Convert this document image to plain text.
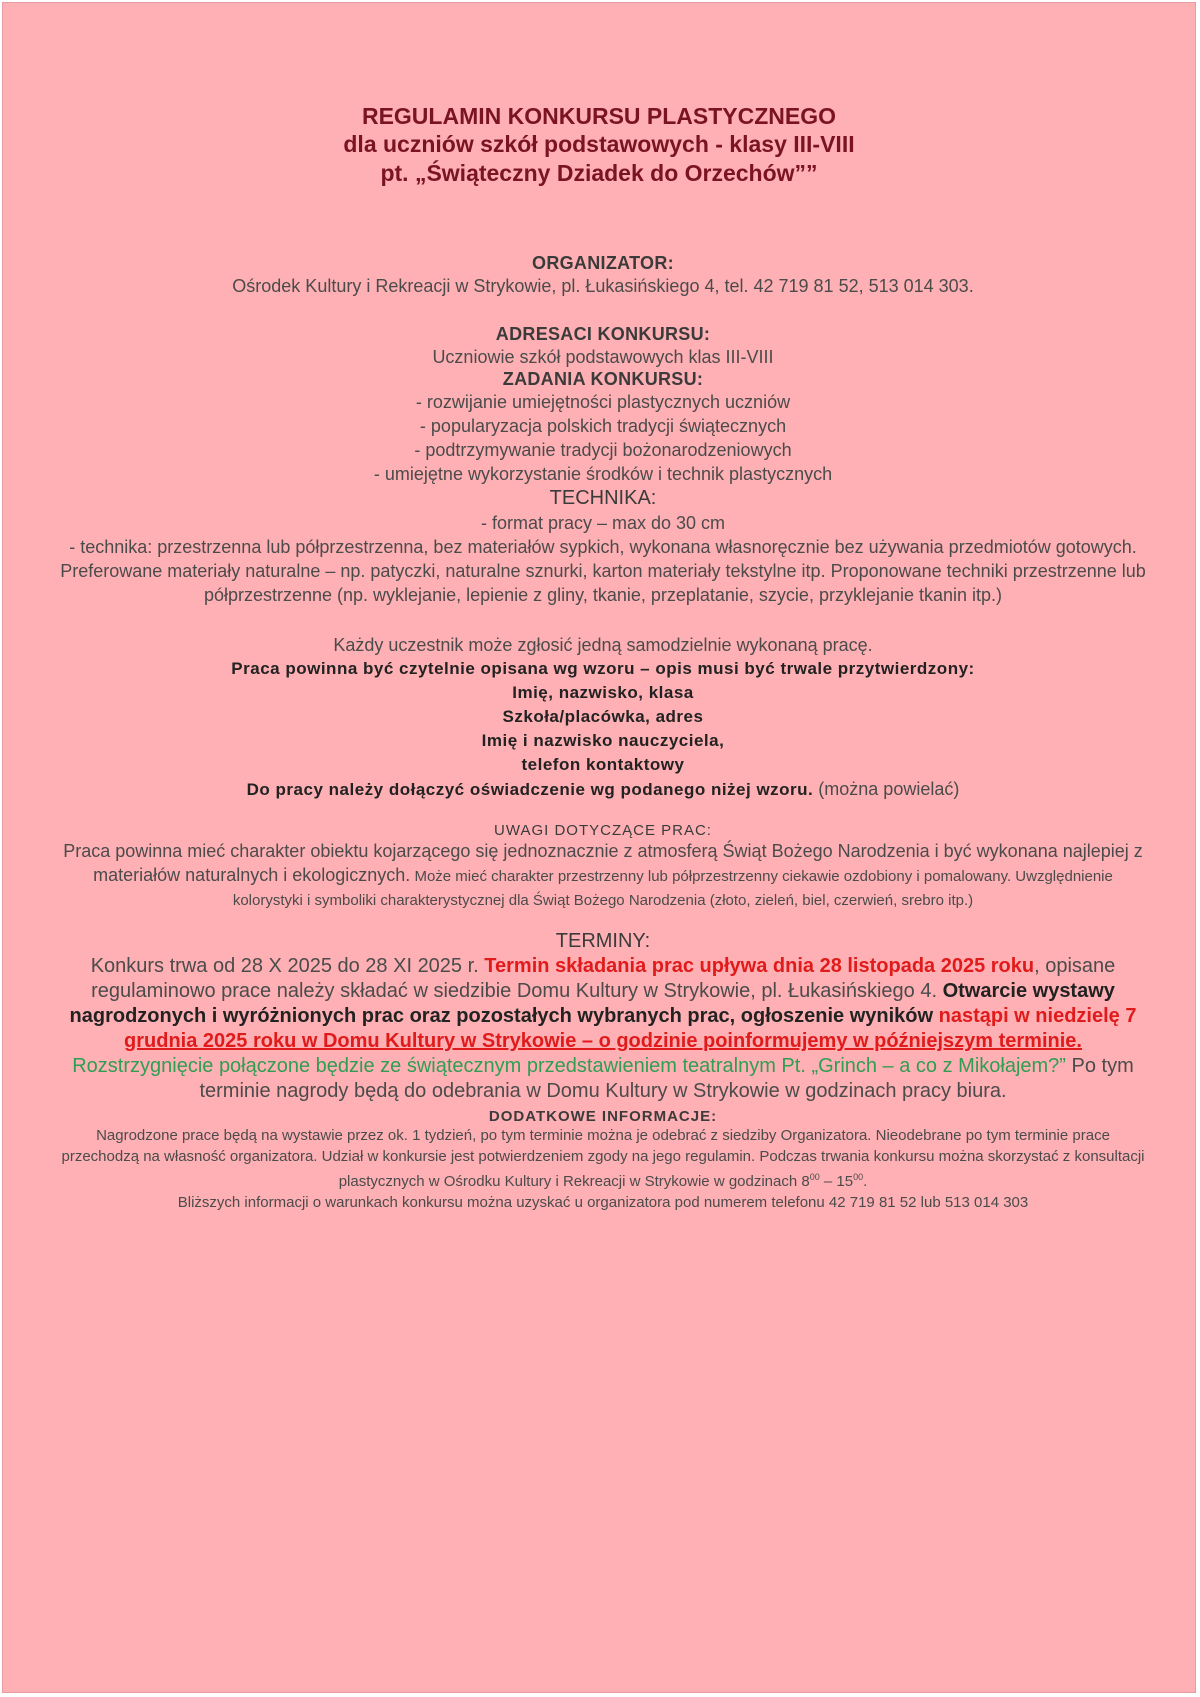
REGULAMIN KONKURSU PLASTYCZNEGO
dla uczniów szkół podstawowych - klasy III-VIII
pt. „Świąteczny Dziadek do Orzechów””
ORGANIZATOR:
Ośrodek Kultury i Rekreacji w Strykowie, pl. Łukasińskiego 4, tel. 42 719 81 52, 513 014 303.
ADRESACI KONKURSU:
Uczniowie szkół podstawowych klas III-VIII
ZADANIA KONKURSU:
- rozwijanie umiejętności plastycznych uczniów
- popularyzacja polskich tradycji świątecznych
- podtrzymywanie tradycji bożonarodzeniowych
- umiejętne wykorzystanie środków i technik plastycznych
TECHNIKA:
- format pracy – max do 30 cm
- technika: przestrzenna lub półprzestrzenna, bez materiałów sypkich, wykonana własnoręcznie bez używania przedmiotów gotowych. Preferowane materiały naturalne – np. patyczki, naturalne sznurki, karton materiały tekstylne itp. Proponowane techniki przestrzenne lub półprzestrzenne (np. wyklejanie, lepienie z gliny, tkanie, przeplatanie, szycie, przyklejanie tkanin itp.)
Każdy uczestnik może zgłosić jedną samodzielnie wykonaną pracę.
Praca powinna być czytelnie opisana wg wzoru – opis musi być trwale przytwierdzony:
Imię, nazwisko, klasa
Szkoła/placówka, adres
Imię i nazwisko nauczyciela,
telefon kontaktowy
Do pracy należy dołączyć oświadczenie wg podanego niżej wzoru. (można powielać)
UWAGI DOTYCZĄCE PRAC:
Praca powinna mieć charakter obiektu kojarzącego się jednoznacznie z atmosferą Świąt Bożego Narodzenia i być wykonana najlepiej z materiałów naturalnych i ekologicznych. Może mieć charakter przestrzenny lub półprzestrzenny ciekawie ozdobiony i pomalowany. Uwzględnienie kolorystyki i symboliki charakterystycznej dla Świąt Bożego Narodzenia (złoto, zieleń, biel, czerwień, srebro itp.)
TERMINY:
Konkurs trwa od 28 X 2025 do 28 XI 2025 r. Termin składania prac upływa dnia 28 listopada 2025 roku, opisane regulaminowo prace należy składać w siedzibie Domu Kultury w Strykowie, pl. Łukasińskiego 4. Otwarcie wystawy nagrodzonych i wyróżnionych prac oraz pozostałych wybranych prac, ogłoszenie wyników nastąpi w niedzielę 7 grudnia 2025 roku w Domu Kultury w Strykowie – o godzinie poinformujemy w późniejszym terminie. Rozstrzygnięcie połączone będzie ze świątecznym przedstawieniem teatralnym Pt. „Grinch – a co z Mikołajem?” Po tym terminie nagrody będą do odebrania w Domu Kultury w Strykowie w godzinach pracy biura.
DODATKOWE INFORMACJE:
Nagrodzone prace będą na wystawie przez ok. 1 tydzień, po tym terminie można je odebrać z siedziby Organizatora. Nieodebrane po tym terminie prace przechodzą na własność organizatora. Udział w konkursie jest potwierdzeniem zgody na jego regulamin. Podczas trwania konkursu można skorzystać z konsultacji plastycznych w Ośrodku Kultury i Rekreacji w Strykowie w godzinach $8^{00} - 15^{00}$.
Bliższych informacji o warunkach konkursu można uzyskać u organizatora pod numerem telefonu 42 719 81 52 lub 513 014 303
